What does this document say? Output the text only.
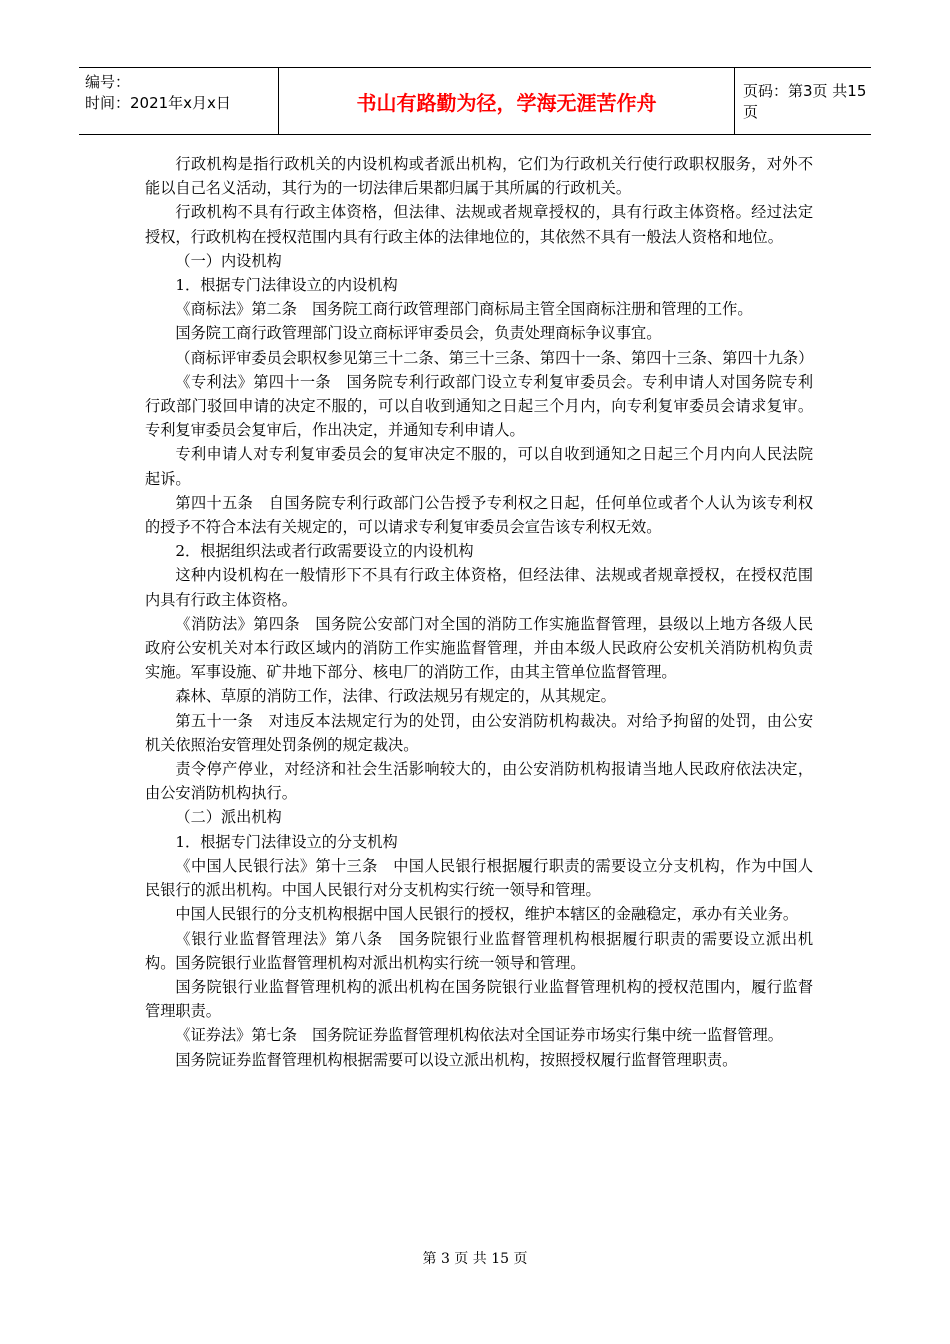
编号：
时间：2021年x月x日	书山有路勤为径，学海无涯苦作舟	页码：第3页 共15页

行政机构是指行政机关的内设机构或者派出机构，它们为行政机关行使行政职权服务，对外不能以自己名义活动，其行为的一切法律后果都归属于其所属的行政机关。

行政机构不具有行政主体资格，但法律、法规或者规章授权的，具有行政主体资格。经过法定授权，行政机构在授权范围内具有行政主体的法律地位的，其依然不具有一般法人资格和地位。

（一）内设机构

1．根据专门法律设立的内设机构

《商标法》第二条　国务院工商行政管理部门商标局主管全国商标注册和管理的工作。

国务院工商行政管理部门设立商标评审委员会，负责处理商标争议事宜。

（商标评审委员会职权参见第三十二条、第三十三条、第四十一条、第四十三条、第四十九条）

《专利法》第四十一条　国务院专利行政部门设立专利复审委员会。专利申请人对国务院专利行政部门驳回申请的决定不服的，可以自收到通知之日起三个月内，向专利复审委员会请求复审。专利复审委员会复审后，作出决定，并通知专利申请人。

专利申请人对专利复审委员会的复审决定不服的，可以自收到通知之日起三个月内向人民法院起诉。

第四十五条　自国务院专利行政部门公告授予专利权之日起，任何单位或者个人认为该专利权的授予不符合本法有关规定的，可以请求专利复审委员会宣告该专利权无效。

2．根据组织法或者行政需要设立的内设机构

这种内设机构在一般情形下不具有行政主体资格，但经法律、法规或者规章授权，在授权范围内具有行政主体资格。

《消防法》第四条　国务院公安部门对全国的消防工作实施监督管理，县级以上地方各级人民政府公安机关对本行政区域内的消防工作实施监督管理，并由本级人民政府公安机关消防机构负责实施。军事设施、矿井地下部分、核电厂的消防工作，由其主管单位监督管理。

森林、草原的消防工作，法律、行政法规另有规定的，从其规定。

第五十一条　对违反本法规定行为的处罚，由公安消防机构裁决。对给予拘留的处罚，由公安机关依照治安管理处罚条例的规定裁决。

责令停产停业，对经济和社会生活影响较大的，由公安消防机构报请当地人民政府依法决定，由公安消防机构执行。

（二）派出机构

1．根据专门法律设立的分支机构

《中国人民银行法》第十三条　中国人民银行根据履行职责的需要设立分支机构，作为中国人民银行的派出机构。中国人民银行对分支机构实行统一领导和管理。

中国人民银行的分支机构根据中国人民银行的授权，维护本辖区的金融稳定，承办有关业务。

《银行业监督管理法》第八条　国务院银行业监督管理机构根据履行职责的需要设立派出机构。国务院银行业监督管理机构对派出机构实行统一领导和管理。

国务院银行业监督管理机构的派出机构在国务院银行业监督管理机构的授权范围内，履行监督管理职责。

《证券法》第七条　国务院证券监督管理机构依法对全国证券市场实行集中统一监督管理。

国务院证券监督管理机构根据需要可以设立派出机构，按照授权履行监督管理职责。

第 3 页 共 15 页
